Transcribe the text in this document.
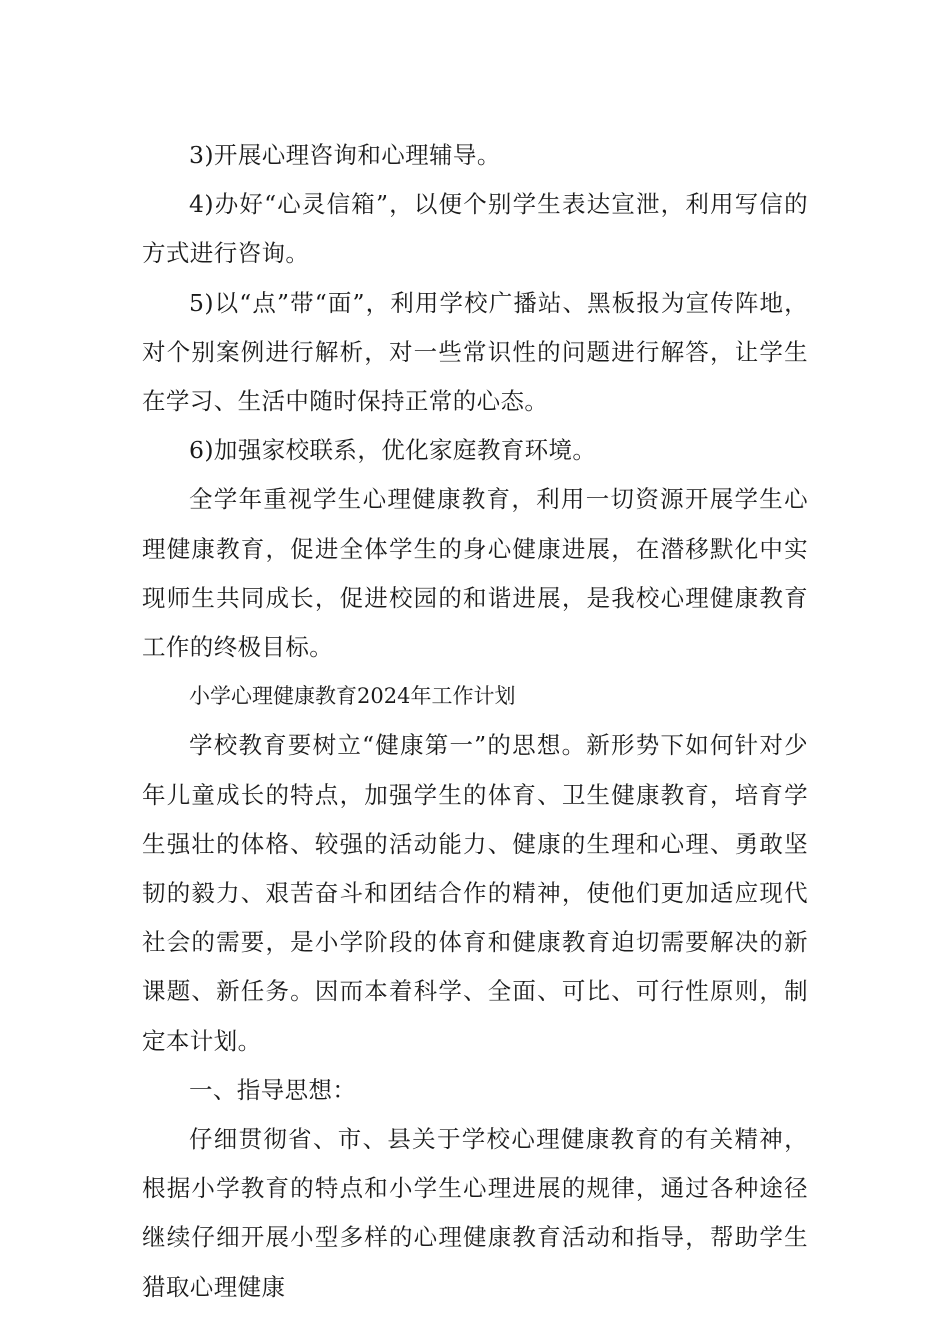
3)开展心理咨询和心理辅导。

4)办好“心灵信箱”，以便个别学生表达宣泄，利用写信的方式进行咨询。

5)以“点”带“面”，利用学校广播站、黑板报为宣传阵地，对个别案例进行解析，对一些常识性的问题进行解答，让学生在学习、生活中随时保持正常的心态。

6)加强家校联系，优化家庭教育环境。

全学年重视学生心理健康教育，利用一切资源开展学生心理健康教育，促进全体学生的身心健康进展，在潜移默化中实现师生共同成长，促进校园的和谐进展，是我校心理健康教育工作的终极目标。

小学心理健康教育2024年工作计划

学校教育要树立“健康第一”的思想。新形势下如何针对少年儿童成长的特点，加强学生的体育、卫生健康教育，培育学生强壮的体格、较强的活动能力、健康的生理和心理、勇敢坚韧的毅力、艰苦奋斗和团结合作的精神，使他们更加适应现代社会的需要，是小学阶段的体育和健康教育迫切需要解决的新课题、新任务。因而本着科学、全面、可比、可行性原则，制定本计划。

一、指导思想：

仔细贯彻省、市、县关于学校心理健康教育的有关精神，根据小学教育的特点和小学生心理进展的规律，通过各种途径继续仔细开展小型多样的心理健康教育活动和指导，帮助学生猎取心理健康
